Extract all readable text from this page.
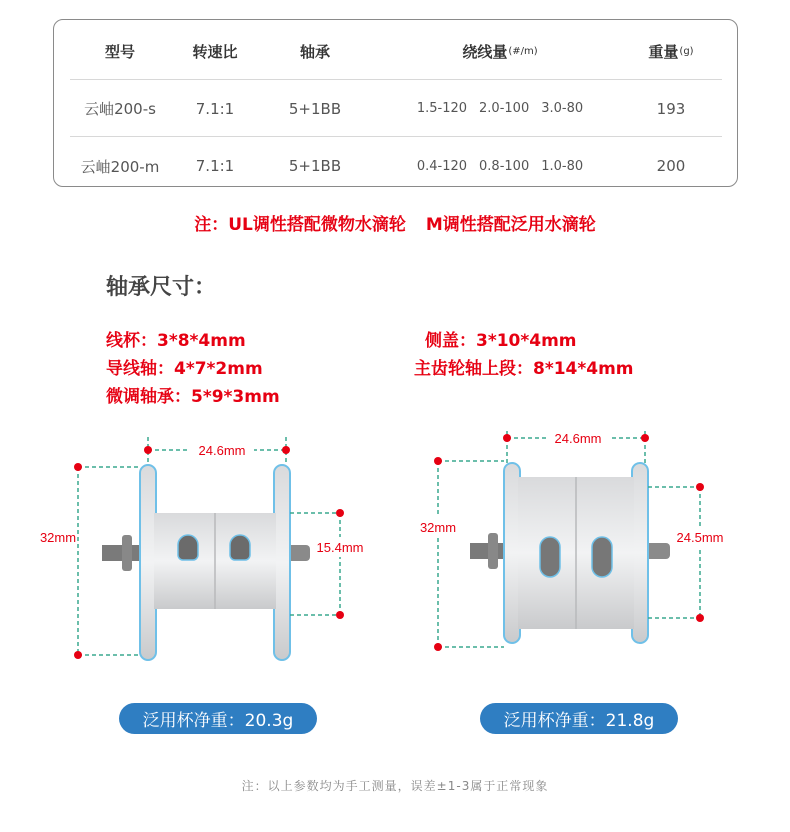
型号	转速比	轴承	绕线量 (#/m)	重量 (g)
云岫200-s	7.1:1	5+1BB	1.5-120 2.0-100 3.0-80	193
云岫200-m	7.1:1	5+1BB	0.4-120 0.8-100 1.0-80	200
注：UL调性搭配微物水滴轮 M调性搭配泛用水滴轮
轴承尺寸：
线杯：3*8*4mm
导线轴：4*7*2mm
微调轴承：5*9*3mm
侧盖：3*10*4mm
主齿轮轴上段：8*14*4mm
24.6mm
32mm
15.4mm
24.6mm
32mm
24.5mm
泛用杯净重：20.3g	泛用杯净重：21.8g
注：以上参数均为手工测量，误差±1-3属于正常现象
